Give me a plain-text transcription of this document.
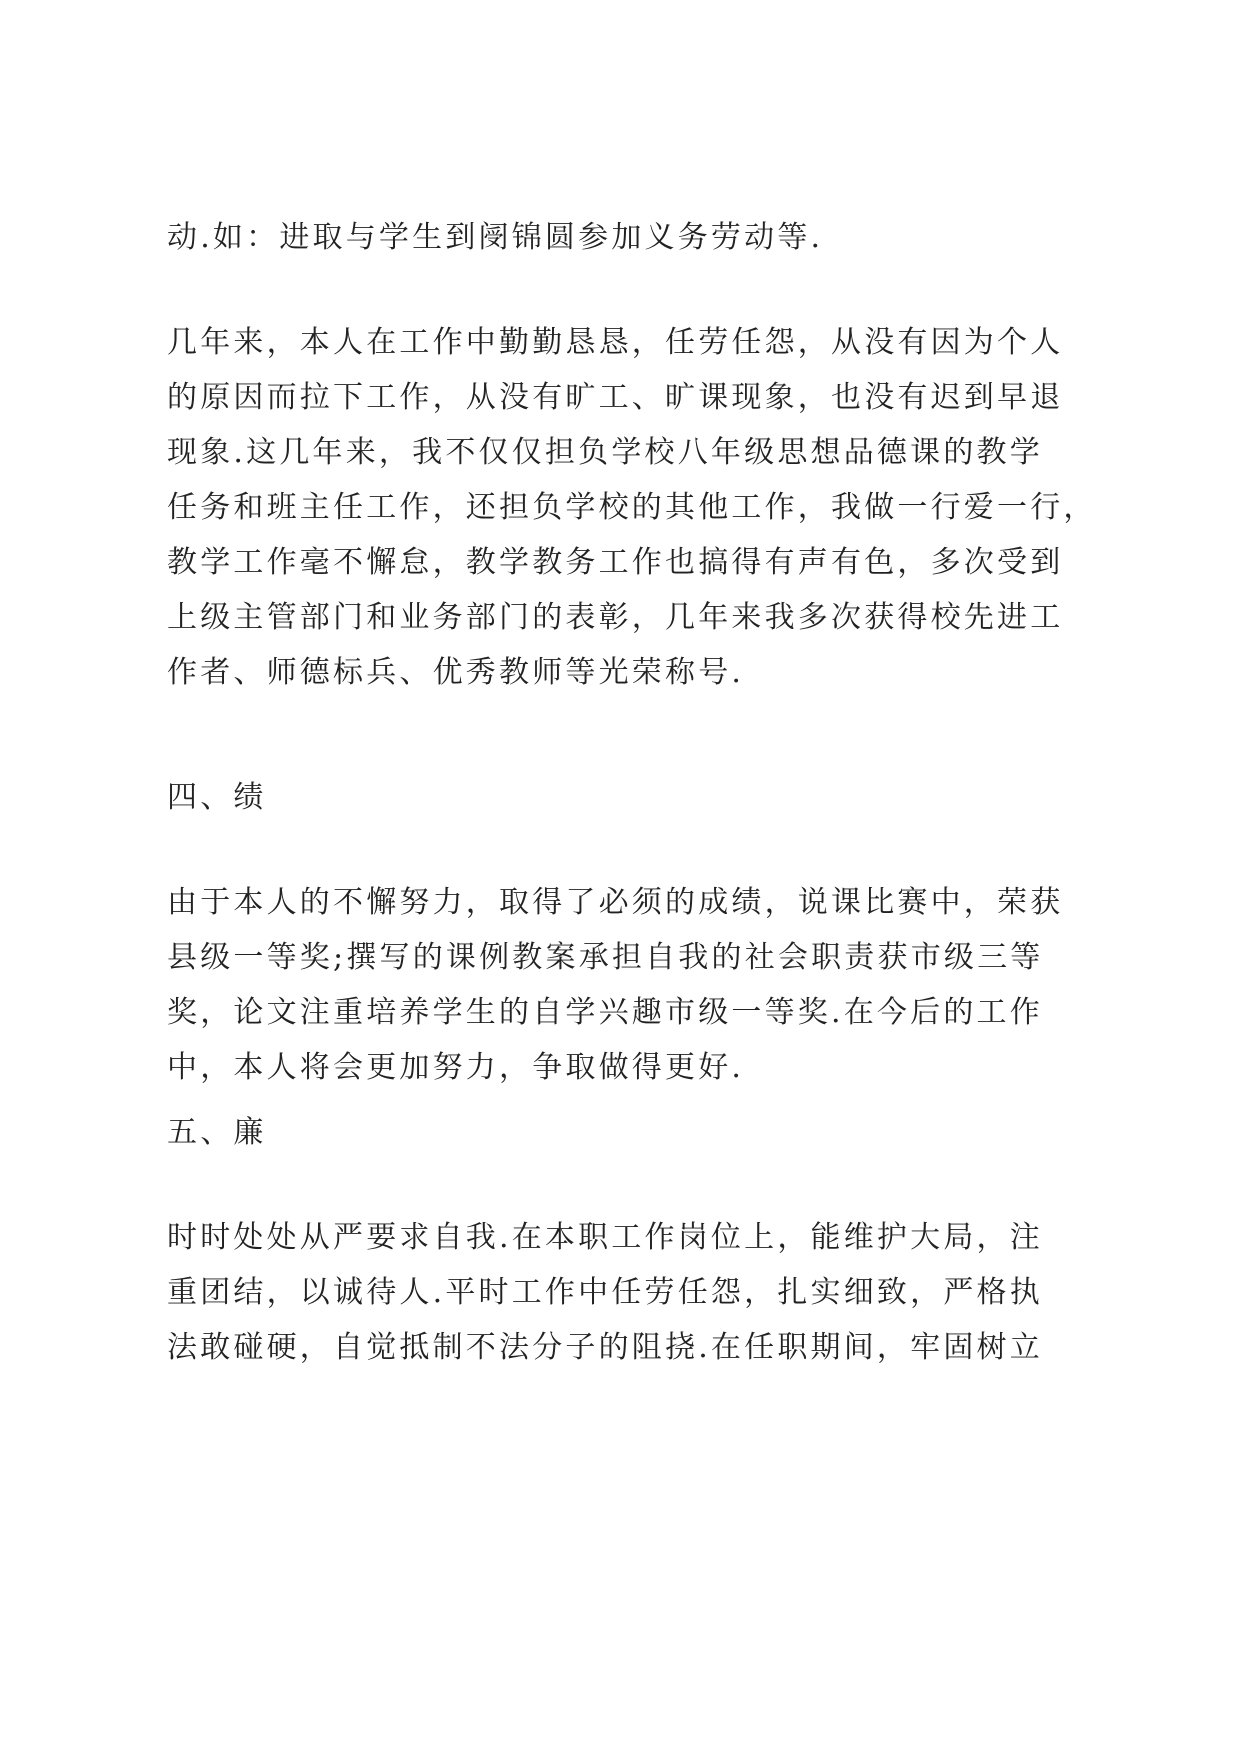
动.如：进取与学生到阌锦圆参加义务劳动等.

几年来，本人在工作中勤勤恳恳，任劳任怨，从没有因为个人
的原因而拉下工作，从没有旷工、旷课现象，也没有迟到早退
现象.这几年来，我不仅仅担负学校八年级思想品德课的教学
任务和班主任工作，还担负学校的其他工作，我做一行爱一行，
教学工作毫不懈怠，教学教务工作也搞得有声有色，多次受到
上级主管部门和业务部门的表彰，几年来我多次获得校先进工
作者、师德标兵、优秀教师等光荣称号.

四、绩

由于本人的不懈努力，取得了必须的成绩，说课比赛中，荣获
县级一等奖;撰写的课例教案承担自我的社会职责获市级三等
奖，论文注重培养学生的自学兴趣市级一等奖.在今后的工作
中，本人将会更加努力，争取做得更好.

五、廉

时时处处从严要求自我.在本职工作岗位上，能维护大局，注
重团结，以诚待人.平时工作中任劳任怨，扎实细致，严格执
法敢碰硬，自觉抵制不法分子的阻挠.在任职期间，牢固树立
